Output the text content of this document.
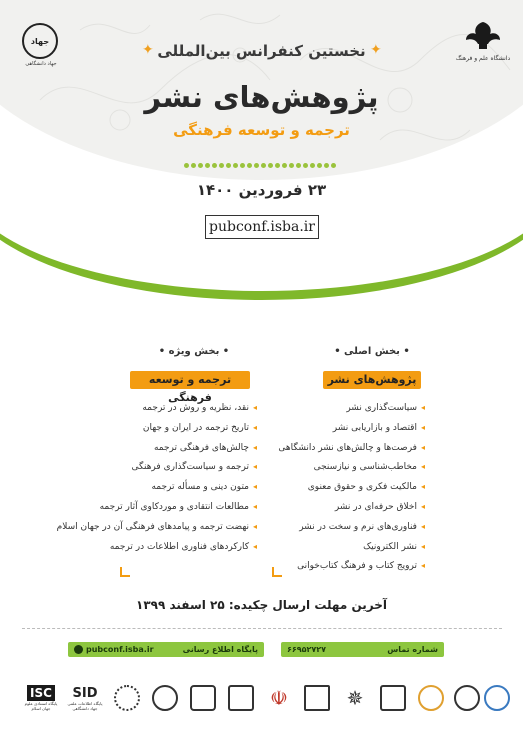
جهاد
جهاد دانشگاهی
دانشگاه علم و فرهنگ
✦	✦
نخستین کنفرانس بین‌المللی
پژوهش‌های نشر
ترجمه و توسعه فرهنگی
۲۳ فروردین ۱۴۰۰
pubconf.isba.ir
• بخش اصلی •
پژوهش‌های نشر
◂سیاست‌گذاری نشر
◂اقتصاد و بازاریابی نشر
◂فرصت‌ها و چالش‌های نشر دانشگاهی
◂مخاطب‌شناسی و نیازسنجی
◂مالکیت فکری و حقوق معنوی
◂اخلاق حرفه‌ای در نشر
◂فناوری‌های نرم و سخت در نشر
◂نشر الکترونیک
◂ترویج کتاب و فرهنگ کتاب‌خوانی
• بخش ویژه •
ترجمه و توسعه فرهنگی
◂نقد، نظریه و روش در ترجمه
◂تاریخ ترجمه در ایران و جهان
◂چالش‌های فرهنگی ترجمه
◂ترجمه و سیاست‌گذاری فرهنگی
◂متون دینی و مسأله ترجمه
◂مطالعات انتقادی و موردکاوی آثار ترجمه
◂نهضت ترجمه و پیامدهای فرهنگی آن در جهان اسلام
◂کارکردهای فناوری اطلاعات در ترجمه
آخرین مهلت ارسال چکیده: ۲۵ اسفند ۱۳۹۹
شماره تماس
۶۶۹۵۲۷۲۷
پایگاه اطلاع رسانی
pubconf.isba.ir
ISC
پایگاه استنادی علوم جهان اسلام
SID
پایگاه اطلاعات علمی جهاد دانشگاهی	☫	✵
